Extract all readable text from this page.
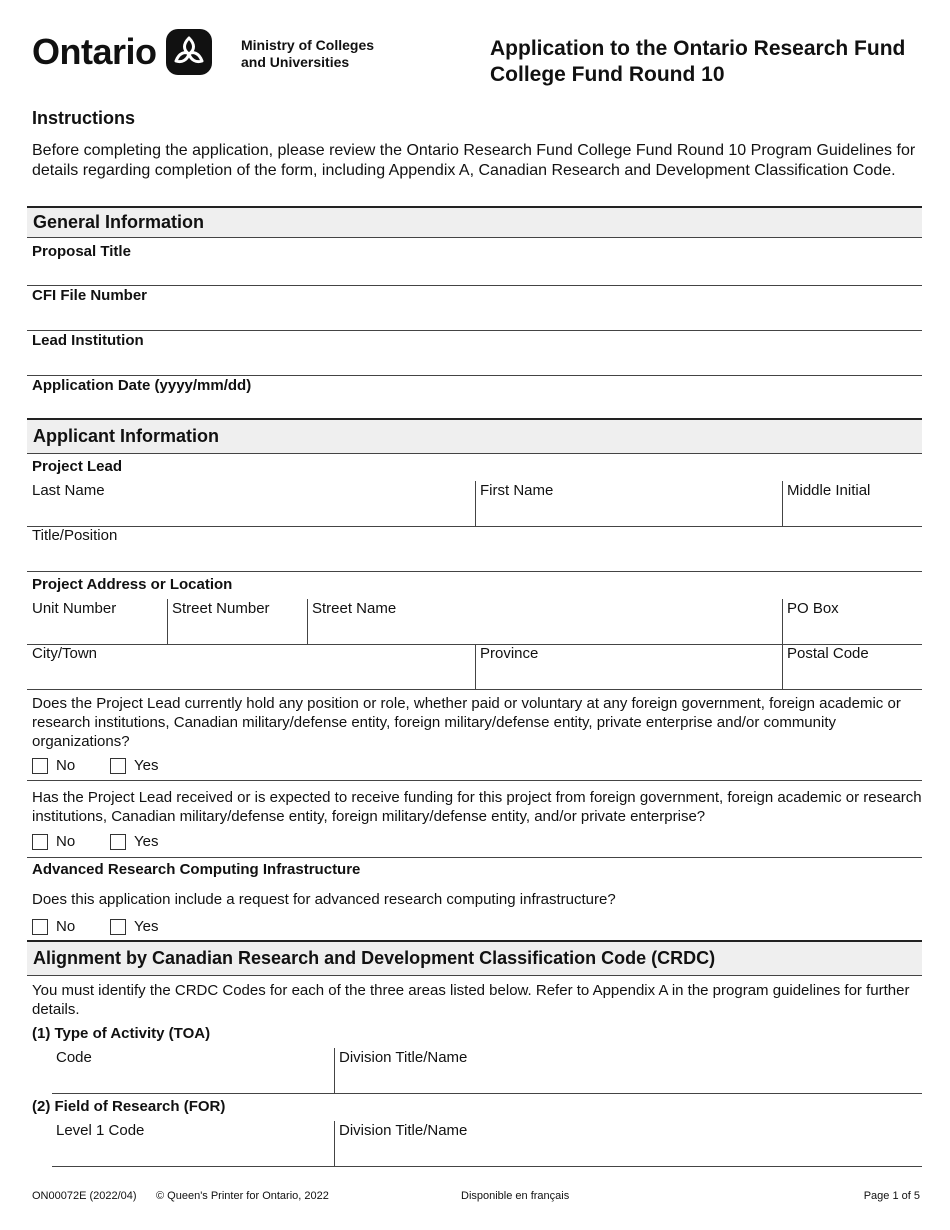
Ontario	Ministry of Colleges
and Universities
Application to the Ontario Research Fund
College Fund Round 10
Instructions
Before completing the application, please review the Ontario Research Fund College Fund Round 10 Program Guidelines for details regarding completion of the form, including Appendix A, Canadian Research and Development Classification Code.
General Information
Proposal Title
CFI File Number
Lead Institution
Application Date (yyyy/mm/dd)
Applicant Information
Project Lead
Last Name	First Name	Middle Initial
Title/Position
Project Address or Location
Unit Number	Street Number	Street Name	PO Box
City/Town	Province	Postal Code
Does the Project Lead currently hold any position or role, whether paid or voluntary at any foreign government, foreign academic or research institutions, Canadian military/defense entity, foreign military/defense entity, private enterprise and/or community organizations?
No	Yes
Has the Project Lead received or is expected to receive funding for this project from foreign government, foreign academic or research institutions, Canadian military/defense entity, foreign military/defense entity, and/or private enterprise?
No	Yes
Advanced Research Computing Infrastructure
Does this application include a request for advanced research computing infrastructure?
No	Yes
Alignment by Canadian Research and Development Classification Code (CRDC)
You must identify the CRDC Codes for each of the three areas listed below. Refer to Appendix A in the program guidelines for further details.
(1) Type of Activity (TOA)
Code	Division Title/Name
(2) Field of Research (FOR)
Level 1 Code	Division Title/Name
ON00072E (2022/04) © Queen's Printer for Ontario, 2022	Disponible en français	Page 1 of 5
